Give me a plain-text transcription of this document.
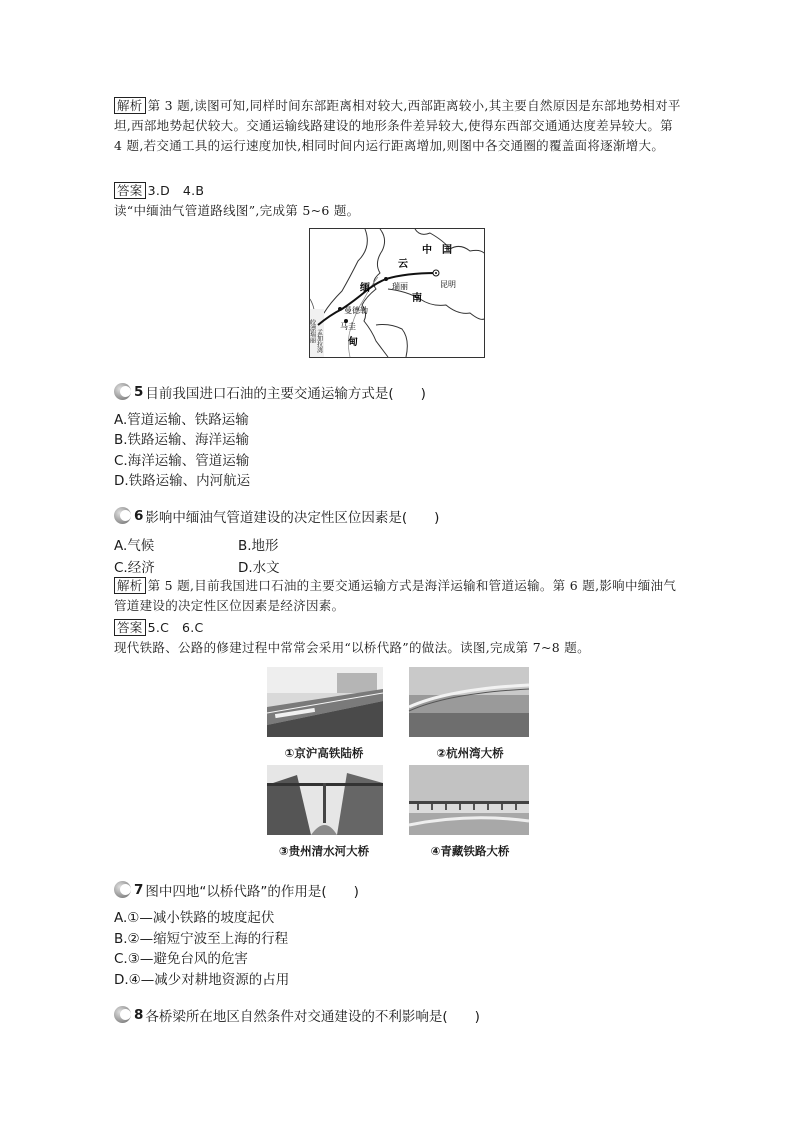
解析 第 3 题,读图可知,同样时间东部距离相对较大,西部距离较小,其主要自然原因是东部地势相对平坦,西部地势起伏较大。交通运输线路建设的地形条件差异较大,使得东西部交通通达度差异较大。第 4 题,若交通工具的运行速度加快,相同时间内运行距离增加,则图中各交通圈的覆盖面将逐渐增大。
答案 3.D　4.B
读“中缅油气管道路线图”,完成第 5~6 题。
中　国
云
南
昆明
瑞丽
缅
曼德勒
马圭
甸
皎漂瑞丽 孟加拉湾
5 目前我国进口石油的主要交通运输方式是(　　)
A.管道运输、铁路运输
B.铁路运输、海洋运输
C.海洋运输、管道运输
D.铁路运输、内河航运
6 影响中缅油气管道建设的决定性区位因素是(　　)
A.气候	B.地形
C.经济	D.水文
解析 第 5 题,目前我国进口石油的主要交通运输方式是海洋运输和管道运输。第 6 题,影响中缅油气管道建设的决定性区位因素是经济因素。
答案 5.C　6.C
现代铁路、公路的修建过程中常常会采用“以桥代路”的做法。读图,完成第 7~8 题。
①京沪高铁陆桥	②杭州湾大桥
③贵州清水河大桥	④青藏铁路大桥
7 图中四地“以桥代路”的作用是(　　)
A.①—减小铁路的坡度起伏
B.②—缩短宁波至上海的行程
C.③—避免台风的危害
D.④—减少对耕地资源的占用
8 各桥梁所在地区自然条件对交通建设的不利影响是(　　)
